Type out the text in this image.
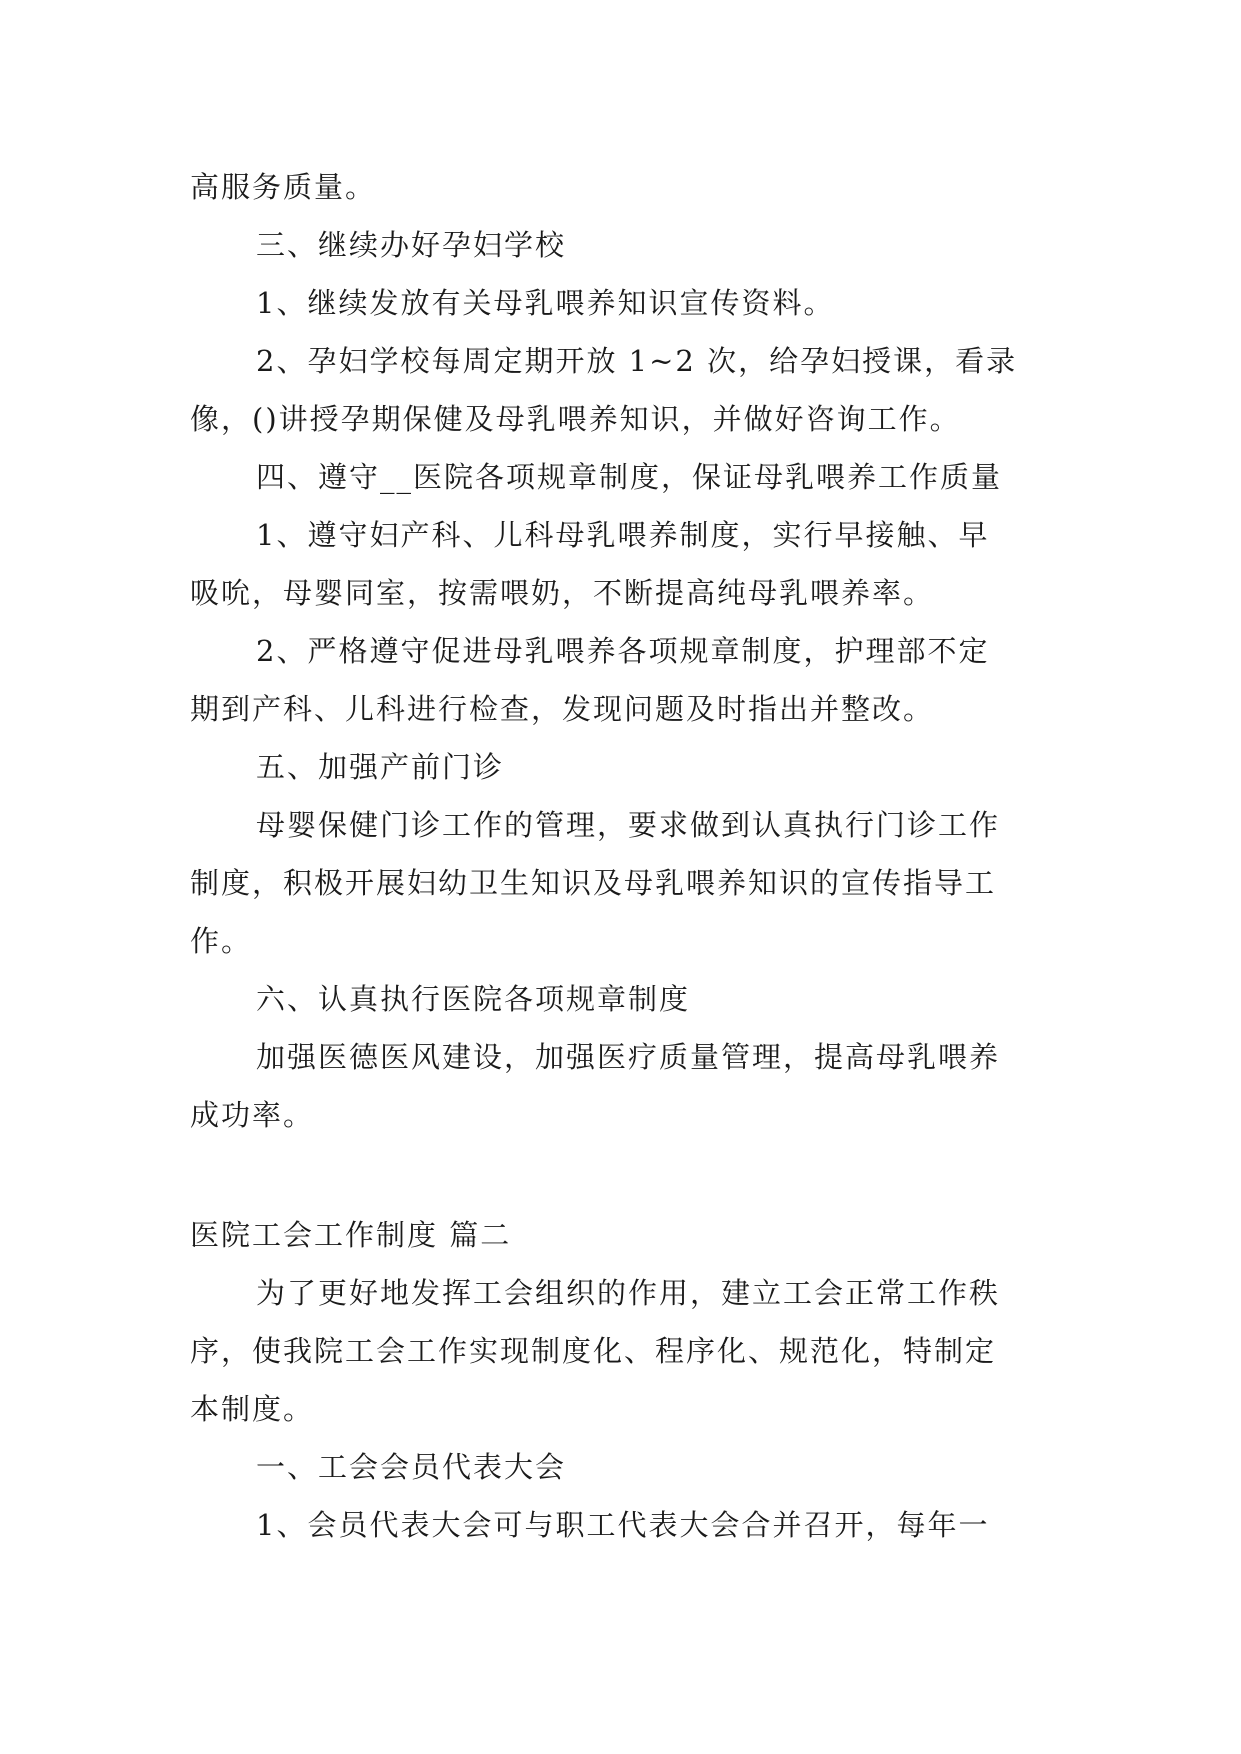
高服务质量。
三、继续办好孕妇学校
1、继续发放有关母乳喂养知识宣传资料。
2、孕妇学校每周定期开放 1~2 次，给孕妇授课，看录
像，()讲授孕期保健及母乳喂养知识，并做好咨询工作。
四、遵守__医院各项规章制度，保证母乳喂养工作质量
1、遵守妇产科、儿科母乳喂养制度，实行早接触、早
吸吮，母婴同室，按需喂奶，不断提高纯母乳喂养率。
2、严格遵守促进母乳喂养各项规章制度，护理部不定
期到产科、儿科进行检查，发现问题及时指出并整改。
五、加强产前门诊
母婴保健门诊工作的管理，要求做到认真执行门诊工作
制度，积极开展妇幼卫生知识及母乳喂养知识的宣传指导工
作。
六、认真执行医院各项规章制度
加强医德医风建设，加强医疗质量管理，提高母乳喂养
成功率。
医院工会工作制度 篇二
为了更好地发挥工会组织的作用，建立工会正常工作秩
序，使我院工会工作实现制度化、程序化、规范化，特制定
本制度。
一、工会会员代表大会
1、会员代表大会可与职工代表大会合并召开，每年一
